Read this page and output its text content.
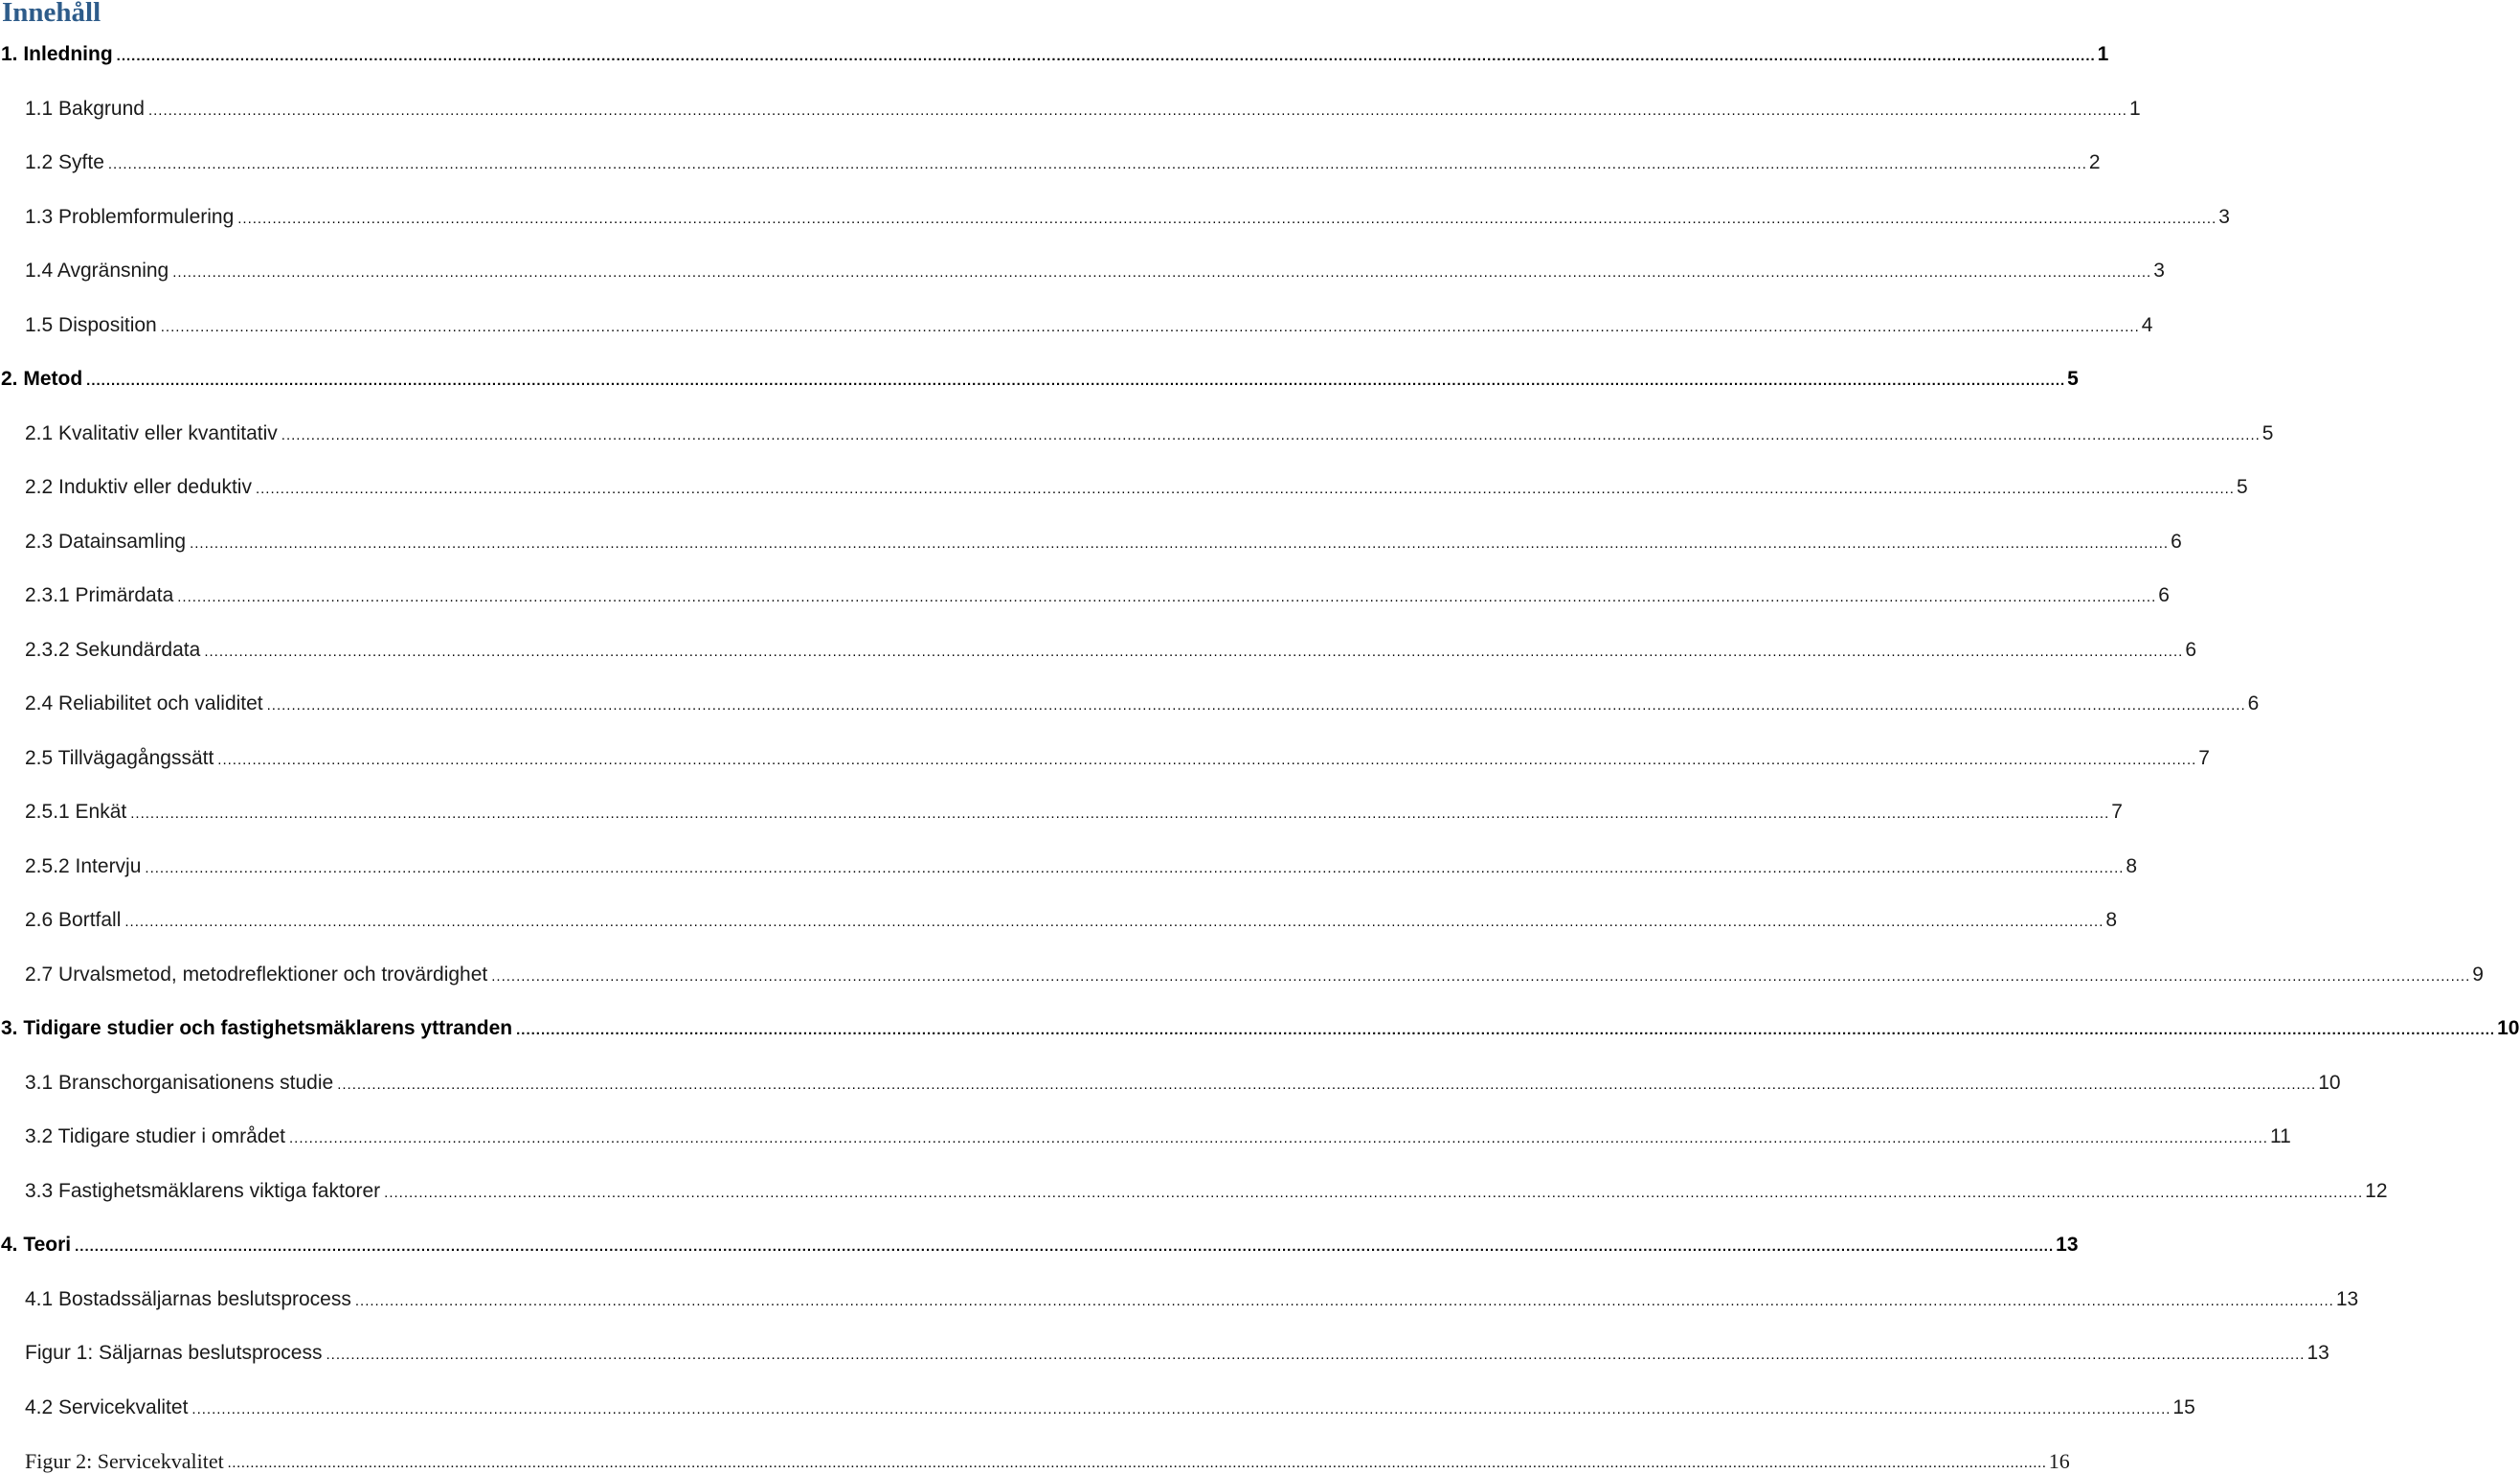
Innehåll
1. Inledning ................................................................................................................................................................................................................................................................................................................................................................................................................ 1
1.1 Bakgrund ................................................................................................................................................................................................................................................................................................................................................................................................................ 1
1.2 Syfte ................................................................................................................................................................................................................................................................................................................................................................................................................ 2
1.3 Problemformulering ................................................................................................................................................................................................................................................................................................................................................................................................................ 3
1.4 Avgränsning ................................................................................................................................................................................................................................................................................................................................................................................................................ 3
1.5 Disposition ................................................................................................................................................................................................................................................................................................................................................................................................................ 4
2. Metod ................................................................................................................................................................................................................................................................................................................................................................................................................ 5
2.1 Kvalitativ eller kvantitativ ................................................................................................................................................................................................................................................................................................................................................................................................................ 5
2.2 Induktiv eller deduktiv ................................................................................................................................................................................................................................................................................................................................................................................................................ 5
2.3 Datainsamling ................................................................................................................................................................................................................................................................................................................................................................................................................ 6
2.3.1 Primärdata ................................................................................................................................................................................................................................................................................................................................................................................................................ 6
2.3.2 Sekundärdata ................................................................................................................................................................................................................................................................................................................................................................................................................ 6
2.4 Reliabilitet och validitet ................................................................................................................................................................................................................................................................................................................................................................................................................ 6
2.5 Tillvägagångssätt ................................................................................................................................................................................................................................................................................................................................................................................................................ 7
2.5.1 Enkät ................................................................................................................................................................................................................................................................................................................................................................................................................ 7
2.5.2 Intervju ................................................................................................................................................................................................................................................................................................................................................................................................................ 8
2.6 Bortfall ................................................................................................................................................................................................................................................................................................................................................................................................................ 8
2.7 Urvalsmetod, metodreflektioner och trovärdighet ................................................................................................................................................................................................................................................................................................................................................................................................................ 9
3. Tidigare studier och fastighetsmäklarens yttranden ................................................................................................................................................................................................................................................................................................................................................................................................................ 10
3.1 Branschorganisationens studie ................................................................................................................................................................................................................................................................................................................................................................................................................ 10
3.2 Tidigare studier i området ................................................................................................................................................................................................................................................................................................................................................................................................................ 11
3.3 Fastighetsmäklarens viktiga faktorer ................................................................................................................................................................................................................................................................................................................................................................................................................ 12
4. Teori ................................................................................................................................................................................................................................................................................................................................................................................................................ 13
4.1 Bostadssäljarnas beslutsprocess ................................................................................................................................................................................................................................................................................................................................................................................................................ 13
Figur 1: Säljarnas beslutsprocess ................................................................................................................................................................................................................................................................................................................................................................................................................ 13
4.2 Servicekvalitet ................................................................................................................................................................................................................................................................................................................................................................................................................ 15
Figur 2: Servicekvalitet ................................................................................................................................................................................................................................................................................................................................................................................................................ 16
